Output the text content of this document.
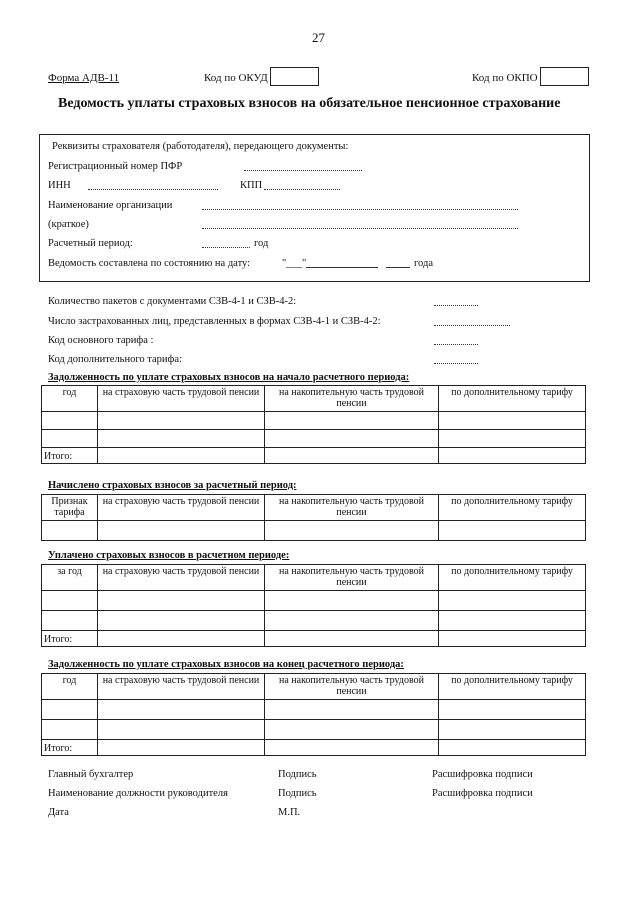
27
Форма АДВ-11	Код по ОКУД	Код по ОКПО
Ведомость уплаты страховых взносов на обязательное пенсионное страхование
Реквизиты страхователя (работодателя), передающего документы:
Регистрационный номер ПФР
ИНН	КПП
Наименование организации
(краткое)
Расчетный период:	год
Ведомость составлена по состоянию на дату:	"___"	года
Количество пакетов с документами СЗВ-4-1 и СЗВ-4-2:
Число застрахованных лиц, представленных в формах СЗВ-4-1 и СЗВ-4-2:
Код основного тарифа :
Код дополнительного тарифа:
Задолженность по уплате страховых взносов на начало расчетного периода:
год	на страховую часть трудовой пенсии	на накопительную часть трудовой пенсии	по дополнительному тарифу

Итого:			
Начислено страховых взносов за расчетный период:
Признак тарифа	на страховую часть трудовой пенсии	на накопительную часть трудовой пенсии	по дополнительному тарифу

Уплачено страховых взносов в расчетном периоде:
за год	на страховую часть трудовой пенсии	на накопительную часть трудовой пенсии	по дополнительному тарифу

Итого:			
Задолженность по уплате страховых взносов на конец расчетного периода:
год	на страховую часть трудовой пенсии	на накопительную часть трудовой пенсии	по дополнительному тарифу

Итого:			
Главный бухгалтер	Подпись	Расшифровка подписи
Наименование должности руководителя	Подпись	Расшифровка подписи
Дата	М.П.
